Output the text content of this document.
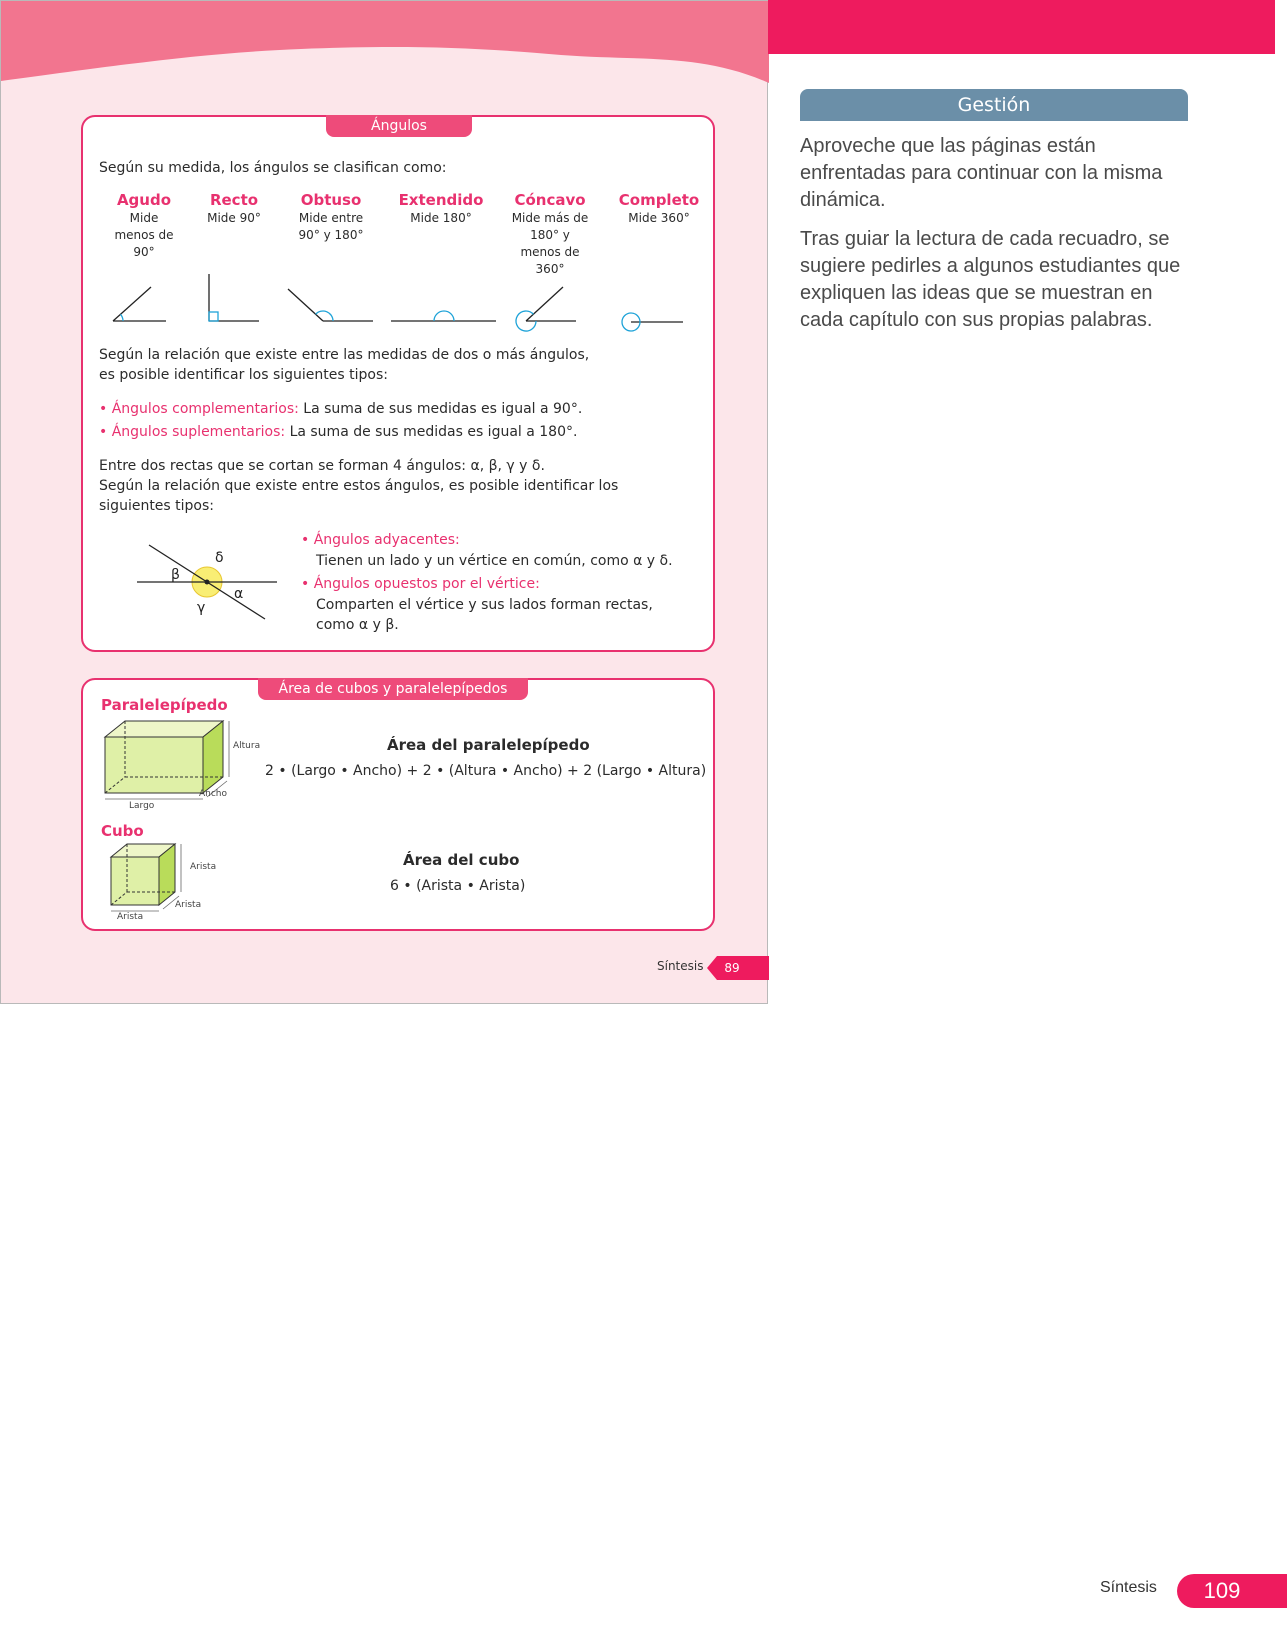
Ángulos
Según su medida, los ángulos se clasifican como:
Agudo
Mide menos de 90°
Recto
Mide 90°
Obtuso
Mide entre 90° y 180°
Extendido
Mide 180°
Cóncavo
Mide más de 180° y menos de 360°
Completo
Mide 360°
Según la relación que existe entre las medidas de dos o más ángulos,
es posible identificar los siguientes tipos:
• Ángulos complementarios: La suma de sus medidas es igual a 90°.
• Ángulos suplementarios: La suma de sus medidas es igual a 180°.
Entre dos rectas que se cortan se forman 4 ángulos: α, β, γ y δ.
Según la relación que existe entre estos ángulos, es posible identificar los
siguientes tipos:
δ
β
α
γ
• Ángulos adyacentes:
Tienen un lado y un vértice en común, como α y δ.
• Ángulos opuestos por el vértice:
Comparten el vértice y sus lados forman rectas,
como α y β.
Área de cubos y paralelepípedos
Paralelepípedo
Altura
Ancho
Largo
Área del paralelepípedo
2 • (Largo • Ancho) + 2 • (Altura • Ancho) + 2 (Largo • Altura)
Cubo
Arista
Arista
Arista
Área del cubo
6 • (Arista • Arista)
Síntesis	89
Gestión
Aproveche que las páginas están enfrentadas para continuar con la misma dinámica.
Tras guiar la lectura de cada recuadro, se sugiere pedirles a algunos estudiantes que expliquen las ideas que se muestran en cada capítulo con sus propias palabras.
Síntesis	109
